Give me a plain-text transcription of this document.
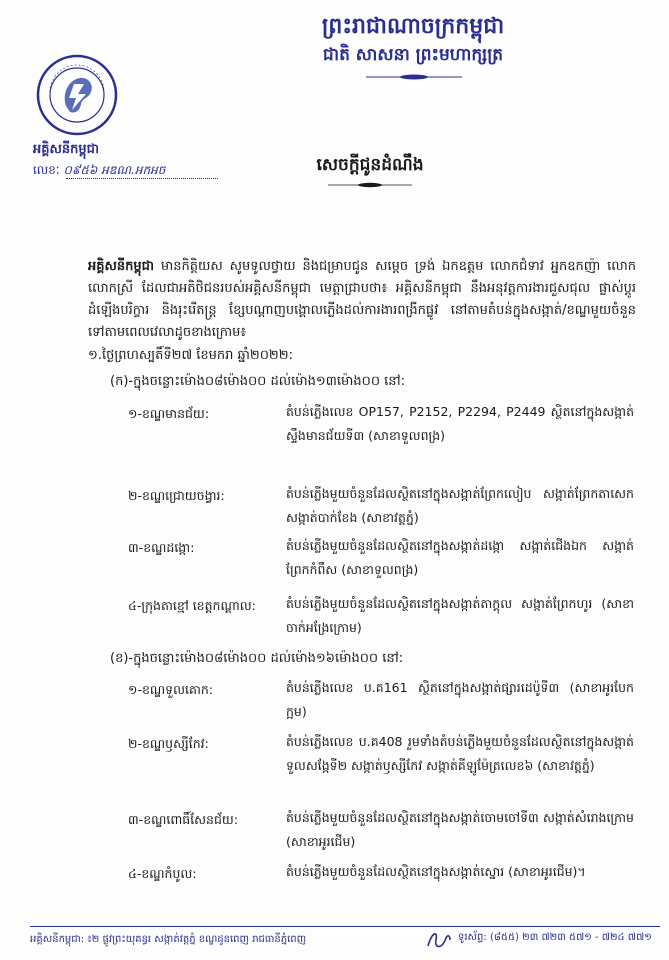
ព្រះរាជាណាចក្រកម្ពុជា
ជាតិ សាសនា ព្រះមហាក្សត្រ
អគ្គិសនីកម្ពុជា
លេខៈ ០៩៥៦ អឌណ.អកអច	សេចក្ដីជូនដំណឹង
អគ្គិសនីកម្ពុជា មានកិត្តិយស សូមទូលថ្វាយ និងជម្រាបជូន សម្ដេច ទ្រង់ ឯកឧត្តម លោកជំទាវ អ្នកឧកញ៉ា លោក លោកស្រី ដែលជាអតិថិជនរបស់អគ្គិសនីកម្ពុជា មេត្តាជ្រាបថា៖ អគ្គិសនីកម្ពុជា នឹងអនុវត្តការងារជួសជុល ផ្លាស់ប្ដូរ ដំឡើងបរិក្ខារ និងរុះរើ​តន្ត្រ ខ្សែបណ្ដាញបង្គោលភ្លើងដល់ការងារពង្រីកផ្លូវ នៅតាមតំបន់ក្នុងសង្កាត់/ខណ្ឌមួយចំនួន ទៅតាមពេលវេលាដូចខាងក្រោម៖
១.ថ្ងៃព្រហស្បតិ៍ទី២៧ ខែមករា ឆ្នាំ២០២២:
(ក)-ក្នុងចន្លោះម៉ោង០៨ម៉ោង០០ ដល់ម៉ោង១៣ម៉ោង០០ នៅ:
១-ខណ្ឌមានជ័យ:	តំបន់ភ្លើងលេខ OP157, P2152, P2294, P2449 ស្ថិតនៅក្នុងសង្កាត់ស្ទឹងមានជ័យទី៣ (សាខាទួលពង្រ)
២-ខណ្ឌជ្រោយចង្វារ:	តំបន់ភ្លើងមួយចំនួនដែលស្ថិតនៅក្នុងសង្កាត់ព្រែកលៀប សង្កាត់ព្រែកតាសេក សង្កាត់បាក់ខែង (សាខាវត្តភ្នំ)
៣-ខណ្ឌដង្កោ:	តំបន់ភ្លើងមួយចំនួនដែលស្ថិតនៅក្នុងសង្កាត់ដង្កោ សង្កាត់ជើងឯក សង្កាត់ព្រែកកំពឹស (សាខាទួលពង្រ)
៤-ក្រុងតាខ្មៅ ខេត្តកណ្ដាល: តំបន់ភ្លើងមួយចំនួនដែលស្ថិតនៅក្នុងសង្កាត់តាក្ដុល សង្កាត់ព្រែកហូរ (សាខាចាក់អង្រែក្រោម)
(ខ)-ក្នុងចន្លោះម៉ោង០៨ម៉ោង០០ ដល់ម៉ោង១៦ម៉ោង០០ នៅ:
១-ខណ្ឌទួលគោក:	តំបន់ភ្លើងលេខ ប.គ161 ស្ថិតនៅក្នុងសង្កាត់ផ្សារដេប៉ូទី៣ (សាខាអូរបែកក្អម)
២-ខណ្ឌឫស្សីកែវ:	តំបន់ភ្លើងលេខ ប.គ408 រួមទាំងតំបន់ភ្លើងមួយចំនួនដែលស្ថិតនៅក្នុងសង្កាត់ទួលសង្កែទី២ សង្កាត់ឫស្សីកែវ សង្កាត់គីឡូម៉ែត្រលេខ៦ (សាខាវត្តភ្នំ)
៣-ខណ្ឌពោធិ៍សែនជ័យ:	តំបន់ភ្លើងមួយចំនួនដែលស្ថិតនៅក្នុងសង្កាត់ចោមចៅទី៣ សង្កាត់សំរោងក្រោម (សាខាអូរជើម)
៤-ខណ្ឌកំបូល:	តំបន់ភ្លើងមួយចំនួនដែលស្ថិតនៅក្នុងសង្កាត់ស្នោរ (សាខាអូរជើម)។
អគ្គិសនីកម្ពុជា: ៖២ ផ្លូវព្រះយុគន្ធរ សង្កាត់វត្តភ្នំ ខណ្ឌដូនពេញ រាជធានីភ្នំពេញ	ទូរស័ព្ទ: (៨៥៥) ២៣ ៧២៣ ៥៧១ - ៧២៤ ៧៧១
